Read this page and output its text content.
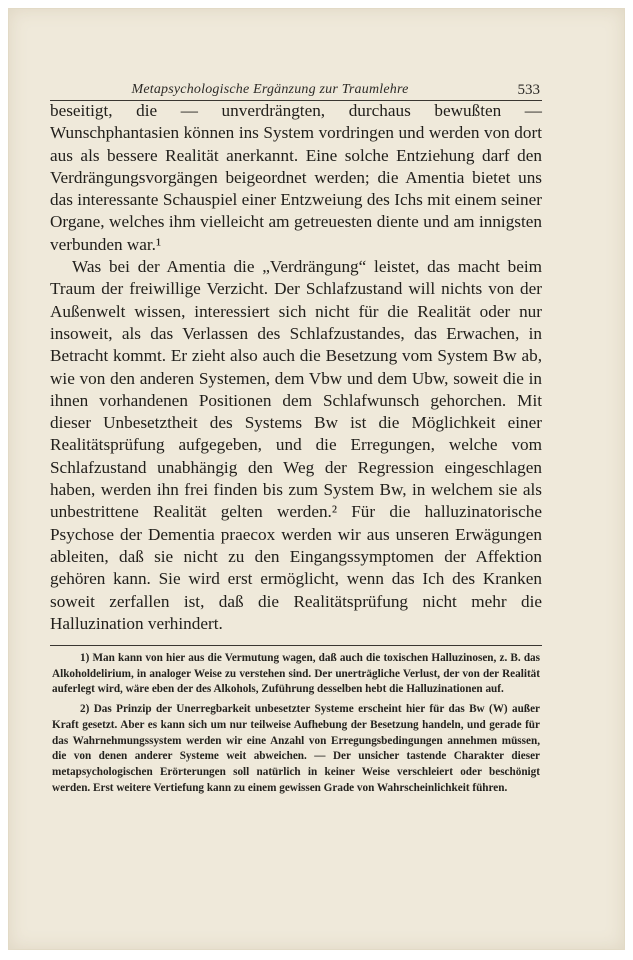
Metapsychologische Ergänzung zur Traumlehre	533

beseitigt, die — unverdrängten, durchaus bewußten — Wunschphantasien können ins System vordringen und werden von dort aus als bessere Realität anerkannt. Eine solche Entziehung darf den Verdrängungsvorgängen beigeordnet werden; die Amentia bietet uns das interessante Schauspiel einer Entzweiung des Ichs mit einem seiner Organe, welches ihm vielleicht am getreuesten diente und am innigsten verbunden war.¹

Was bei der Amentia die „Verdrängung“ leistet, das macht beim Traum der freiwillige Verzicht. Der Schlafzustand will nichts von der Außenwelt wissen, interessiert sich nicht für die Realität oder nur insoweit, als das Verlassen des Schlafzustandes, das Erwachen, in Betracht kommt. Er zieht also auch die Besetzung vom System Bw ab, wie von den anderen Systemen, dem Vbw und dem Ubw, soweit die in ihnen vorhandenen Positionen dem Schlafwunsch gehorchen. Mit dieser Unbesetztheit des Systems Bw ist die Möglichkeit einer Realitätsprüfung aufgegeben, und die Erregungen, welche vom Schlafzustand unabhängig den Weg der Regression eingeschlagen haben, werden ihn frei finden bis zum System Bw, in welchem sie als unbestrittene Realität gelten werden.² Für die halluzinatorische Psychose der Dementia praecox werden wir aus unseren Erwägungen ableiten, daß sie nicht zu den Eingangssymptomen der Affektion gehören kann. Sie wird erst ermöglicht, wenn das Ich des Kranken soweit zerfallen ist, daß die Realitätsprüfung nicht mehr die Halluzination verhindert.

1) Man kann von hier aus die Vermutung wagen, daß auch die toxischen Halluzinosen, z. B. das Alkoholdelirium, in analoger Weise zu verstehen sind. Der unerträgliche Verlust, der von der Realität auferlegt wird, wäre eben der des Alkohols, Zuführung desselben hebt die Halluzinationen auf.

2) Das Prinzip der Unerregbarkeit unbesetzter Systeme erscheint hier für das Bw (W) außer Kraft gesetzt. Aber es kann sich um nur teilweise Aufhebung der Besetzung handeln, und gerade für das Wahrnehmungssystem werden wir eine Anzahl von Erregungsbedingungen annehmen müssen, die von denen anderer Systeme weit abweichen. — Der unsicher tastende Charakter dieser metapsychologischen Erörterungen soll natürlich in keiner Weise verschleiert oder beschönigt werden. Erst weitere Vertiefung kann zu einem gewissen Grade von Wahrscheinlichkeit führen.
